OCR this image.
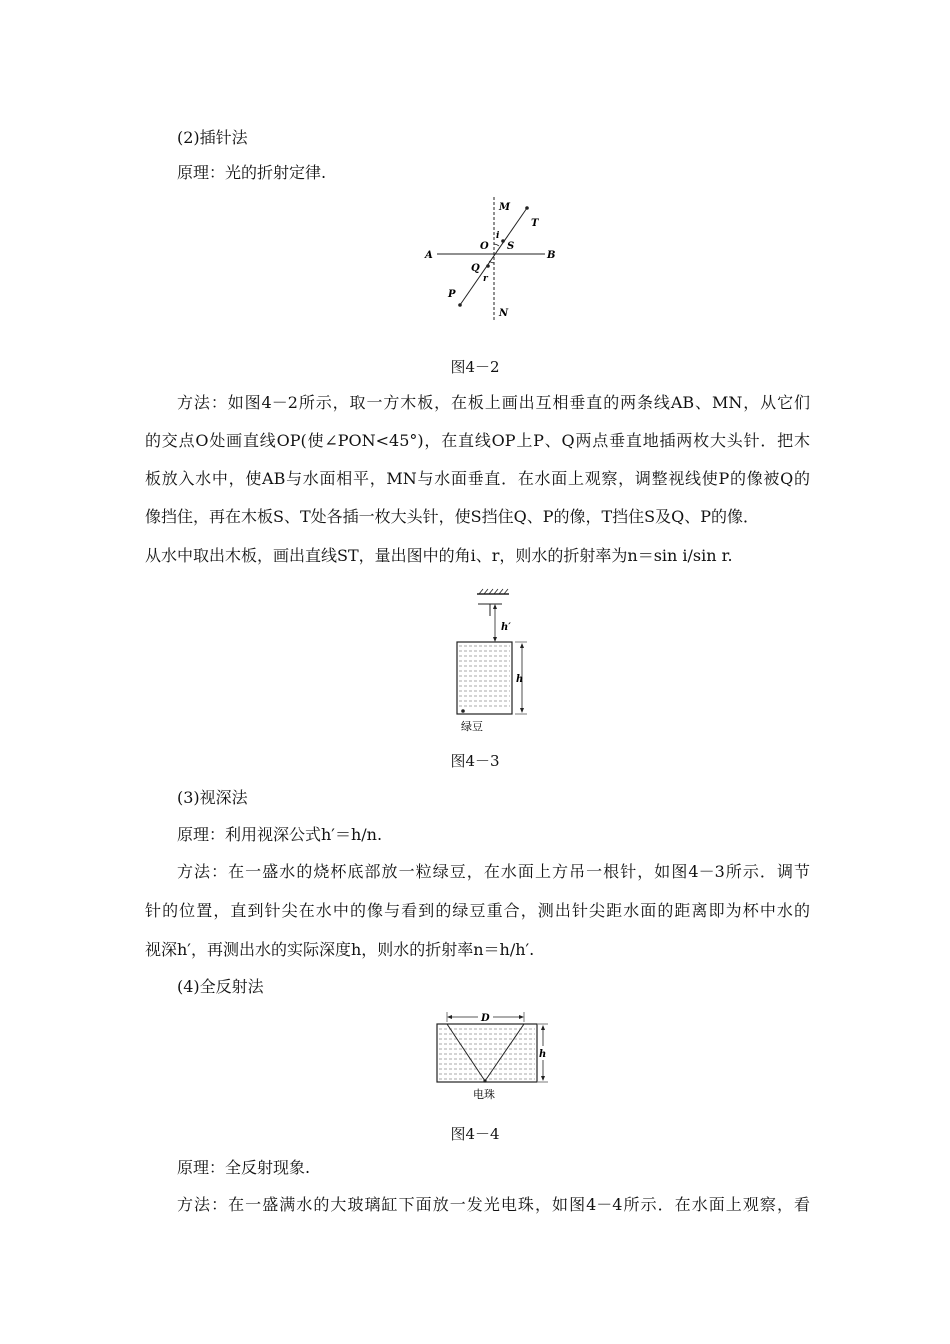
(2)插针法
原理：光的折射定律.
M
T
i
O S
A	B
Q
r
P
N
图4－2
方法：如图4－2所示，取一方木板，在板上画出互相垂直的两条线AB、MN，从它们
的交点O处画直线OP(使∠PON<45°)，在直线OP上P、Q两点垂直地插两枚大头针．把木
板放入水中，使AB与水面相平，MN与水面垂直．在水面上观察，调整视线使P的像被Q的
像挡住，再在木板S、T处各插一枚大头针，使S挡住Q、P的像，T挡住S及Q、P的像．
从水中取出木板，画出直线ST，量出图中的角i、r，则水的折射率为n＝sin i/sin r.
h′
h
绿豆
图4－3
(3)视深法
原理：利用视深公式h′＝h/n.
方法：在一盛水的烧杯底部放一粒绿豆，在水面上方吊一根针，如图4－3所示．调节
针的位置，直到针尖在水中的像与看到的绿豆重合，测出针尖距水面的距离即为杯中水的
视深h′，再测出水的实际深度h，则水的折射率n＝h/h′.
(4)全反射法
D
h
电珠
图4－4
原理：全反射现象.
方法：在一盛满水的大玻璃缸下面放一发光电珠，如图4－4所示．在水面上观察，看
